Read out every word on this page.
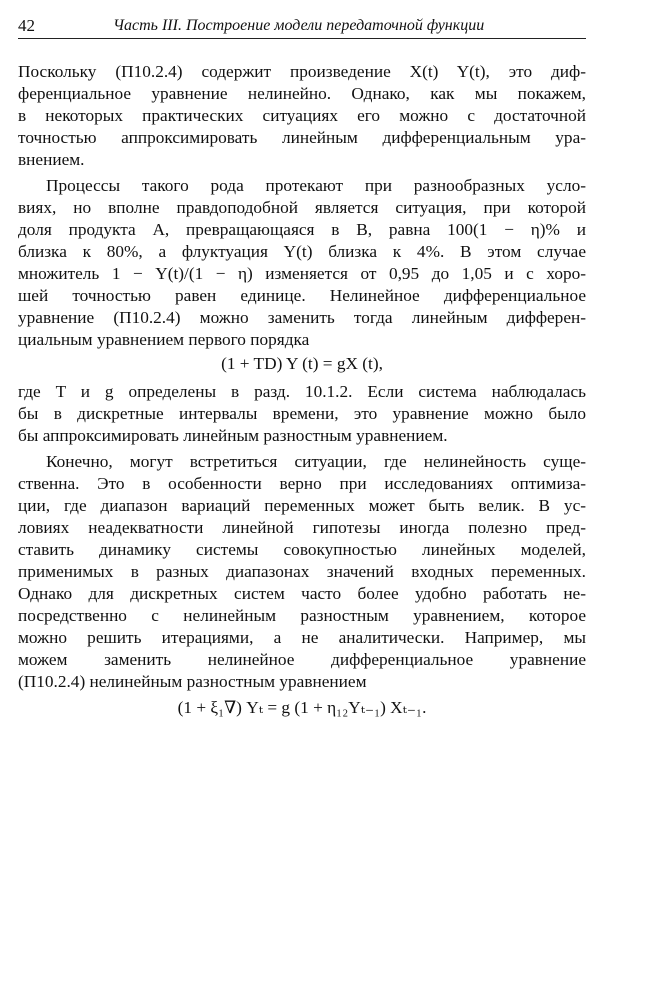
42	Часть III. Построение модели передаточной функции
Поскольку (П10.2.4) содержит произведение X(t) Y(t), это диф-
ференциальное уравнение нелинейно. Однако, как мы покажем,
в некоторых практических ситуациях его можно с достаточной
точностью аппроксимировать линейным дифференциальным ура-
внением.
Процессы такого рода протекают при разнообразных усло-
виях, но вполне правдоподобной является ситуация, при которой
доля продукта A, превращающаяся в B, равна 100(1 − η)% и
близка к 80%, а флуктуация Y(t) близка к 4%. В этом случае
множитель 1 − Y(t)/(1 − η) изменяется от 0,95 до 1,05 и с хоро-
шей точностью равен единице. Нелинейное дифференциальное
уравнение (П10.2.4) можно заменить тогда линейным дифферен-
циальным уравнением первого порядка
(1 + TD) Y (t) = gX (t),
где T и g определены в разд. 10.1.2. Если система наблюдалась
бы в дискретные интервалы времени, это уравнение можно было
бы аппроксимировать линейным разностным уравнением.
Конечно, могут встретиться ситуации, где нелинейность суще-
ственна. Это в особенности верно при исследованиях оптимиза-
ции, где диапазон вариаций переменных может быть велик. В ус-
ловиях неадекватности линейной гипотезы иногда полезно пред-
ставить динамику системы совокупностью линейных моделей,
применимых в разных диапазонах значений входных переменных.
Однако для дискретных систем часто более удобно работать не-
посредственно с нелинейным разностным уравнением, которое
можно решить итерациями, а не аналитически. Например, мы
можем заменить нелинейное дифференциальное уравнение
(П10.2.4) нелинейным разностным уравнением
(1 + ξ₁∇) Yₜ = g (1 + η₁₂Yₜ₋₁) Xₜ₋₁.
